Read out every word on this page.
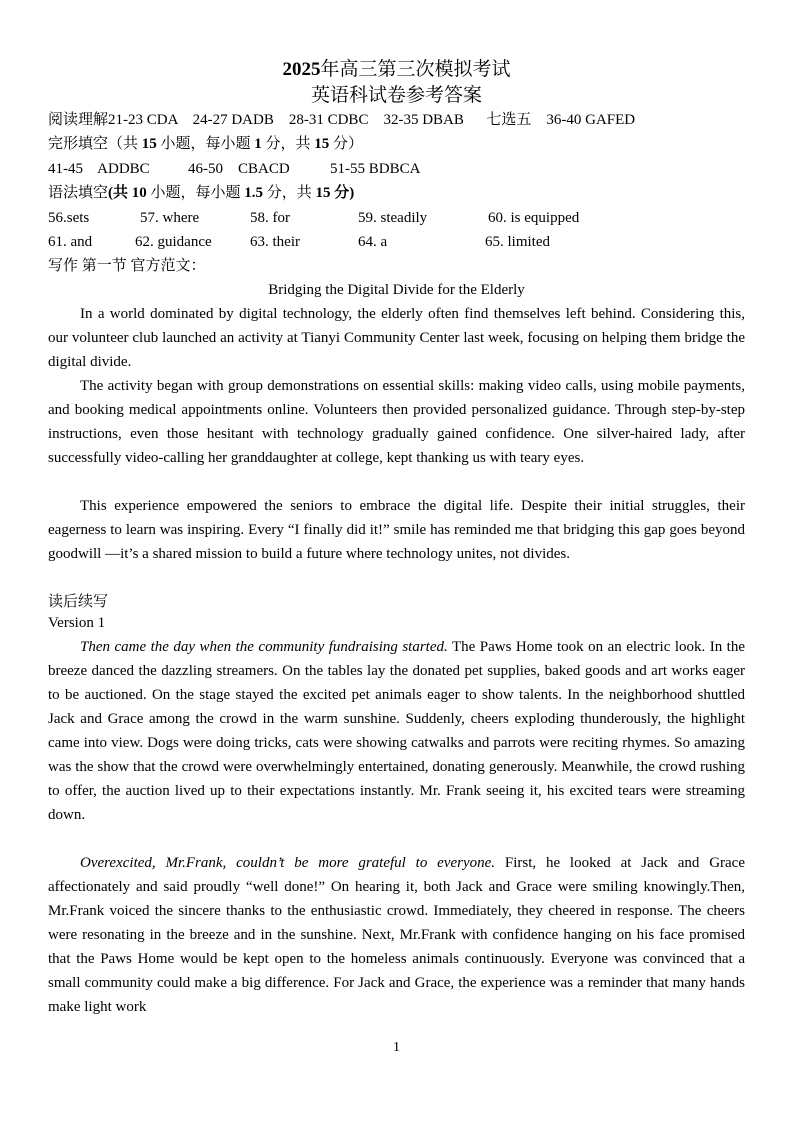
2025年高三第三次模拟考试
英语科试卷参考答案
阅读理解21-23 CDA    24-27 DADB    28-31 CDBC    32-35 DBAB      七选五    36-40 GAFED
完形填空（共 15 小题，每小题 1 分，共 15 分）
41-45    ADDBC	46-50    CBACD	51-55 BDBCA
语法填空(共 10 小题，每小题 1.5 分，共 15 分)
56.sets	57. where	58. for	59. steadily	60. is equipped
61. and	62. guidance	63. their	64. a	65. limited
写作 第一节 官方范文：
Bridging the Digital Divide for the Elderly
In a world dominated by digital technology, the elderly often find themselves left behind. Considering this, our volunteer club launched an activity at Tianyi Community Center last week, focusing on helping them bridge the digital divide.
The activity began with group demonstrations on essential skills: making video calls, using mobile payments, and booking medical appointments online. Volunteers then provided personalized guidance. Through step-by-step instructions, even those hesitant with technology gradually gained confidence. One silver-haired lady, after successfully video-calling her granddaughter at college, kept thanking us with teary eyes.
This experience empowered the seniors to embrace the digital life. Despite their initial struggles, their eagerness to learn was inspiring. Every “I finally did it!” smile has reminded me that bridging this gap goes beyond goodwill —it’s a shared mission to build a future where technology unites, not divides.
读后续写
Version 1
Then came the day when the community fundraising started. The Paws Home took on an electric look. In the breeze danced the dazzling streamers. On the tables lay the donated pet supplies, baked goods and art works eager to be auctioned. On the stage stayed the excited pet animals eager to show talents. In the neighborhood shuttled Jack and Grace among the crowd in the warm sunshine. Suddenly, cheers exploding thunderously, the highlight came into view. Dogs were doing tricks, cats were showing catwalks and parrots were reciting rhymes. So amazing was the show that the crowd were overwhelmingly entertained, donating generously. Meanwhile, the crowd rushing to offer, the auction lived up to their expectations instantly. Mr. Frank seeing it, his excited tears were streaming down.
Overexcited, Mr.Frank, couldn’t be more grateful to everyone. First, he looked at Jack and Grace affectionately and said proudly “well done!” On hearing it, both Jack and Grace were smiling knowingly.Then, Mr.Frank voiced the sincere thanks to the enthusiastic crowd. Immediately, they cheered in response. The cheers were resonating in the breeze and in the sunshine. Next, Mr.Frank with confidence hanging on his face promised that the Paws Home would be kept open to the homeless animals continuously. Everyone was convinced that a small community could make a big difference. For Jack and Grace, the experience was a reminder that many hands make light work
1
